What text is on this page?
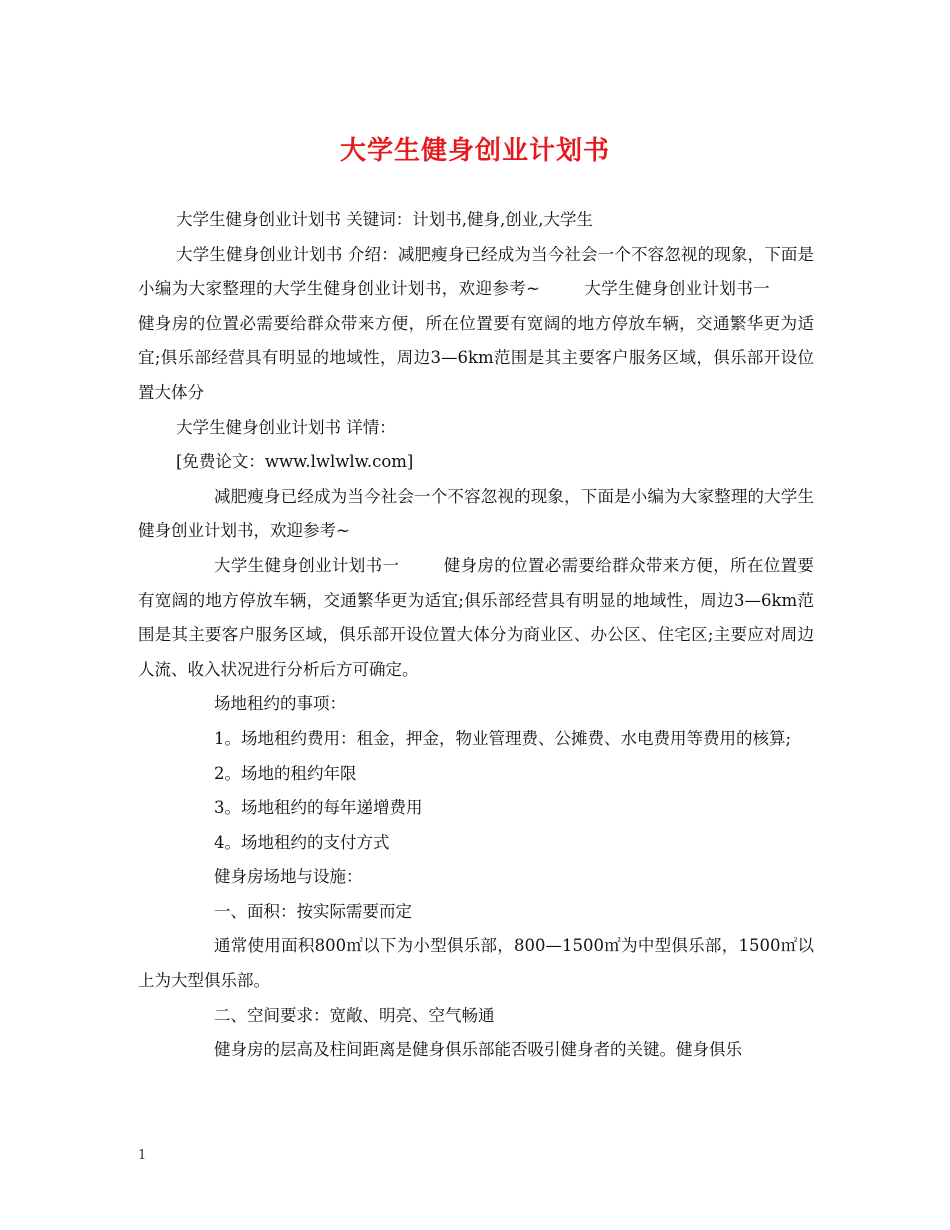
大学生健身创业计划书

大学生健身创业计划书 关键词：计划书,健身,创业,大学生

大学生健身创业计划书 介绍：减肥瘦身已经成为当今社会一个不容忽视的现象，下面是小编为大家整理的大学生健身创业计划书，欢迎参考~	大学生健身创业计划书一健身房的位置必需要给群众带来方便，所在位置要有宽阔的地方停放车辆，交通繁华更为适宜;俱乐部经营具有明显的地域性，周边3—6km范围是其主要客户服务区域，俱乐部开设位置大体分

大学生健身创业计划书 详情：

[免费论文：www.lwlwlw.com]

减肥瘦身已经成为当今社会一个不容忽视的现象，下面是小编为大家整理的大学生健身创业计划书，欢迎参考~

大学生健身创业计划书一	健身房的位置必需要给群众带来方便，所在位置要有宽阔的地方停放车辆，交通繁华更为适宜;俱乐部经营具有明显的地域性，周边3—6km范围是其主要客户服务区域，俱乐部开设位置大体分为商业区、办公区、住宅区;主要应对周边人流、收入状况进行分析后方可确定。

场地租约的事项：

1。场地租约费用：租金，押金，物业管理费、公摊费、水电费用等费用的核算;

2。场地的租约年限

3。场地租约的每年递增费用

4。场地租约的支付方式

健身房场地与设施：

一、面积：按实际需要而定

通常使用面积800㎡以下为小型俱乐部，800—1500㎡为中型俱乐部，1500㎡以上为大型俱乐部。

二、空间要求：宽敞、明亮、空气畅通

健身房的层高及柱间距离是健身俱乐部能否吸引健身者的关键。健身俱乐

1
